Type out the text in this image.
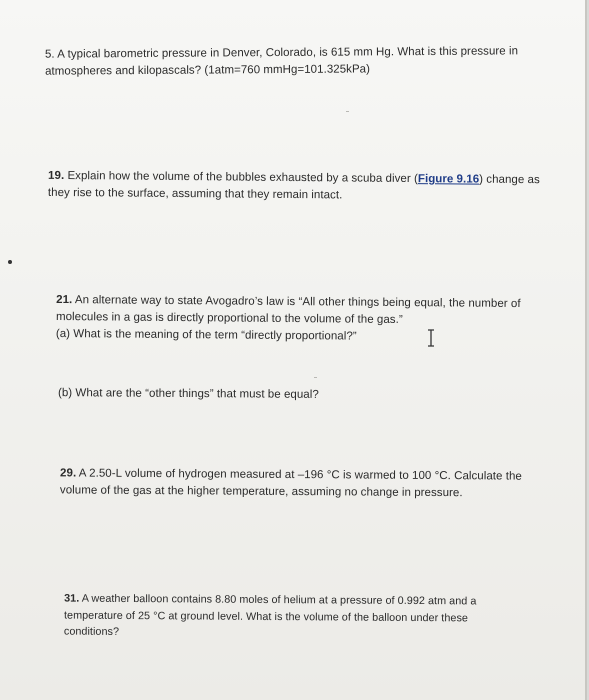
5. A typical barometric pressure in Denver, Colorado, is 615 mm Hg. What is this pressure in
atmospheres and kilopascals? (1atm=760 mmHg=101.325kPa)
19. Explain how the volume of the bubbles exhausted by a scuba diver (Figure 9.16) change as
they rise to the surface, assuming that they remain intact.
21. An alternate way to state Avogadro’s law is “All other things being equal, the number of
molecules in a gas is directly proportional to the volume of the gas.”
(a) What is the meaning of the term “directly proportional?”
(b) What are the “other things” that must be equal?
29. A 2.50-L volume of hydrogen measured at –196 °C is warmed to 100 °C. Calculate the
volume of the gas at the higher temperature, assuming no change in pressure.
31. A weather balloon contains 8.80 moles of helium at a pressure of 0.992 atm and a
temperature of 25 °C at ground level. What is the volume of the balloon under these
conditions?
